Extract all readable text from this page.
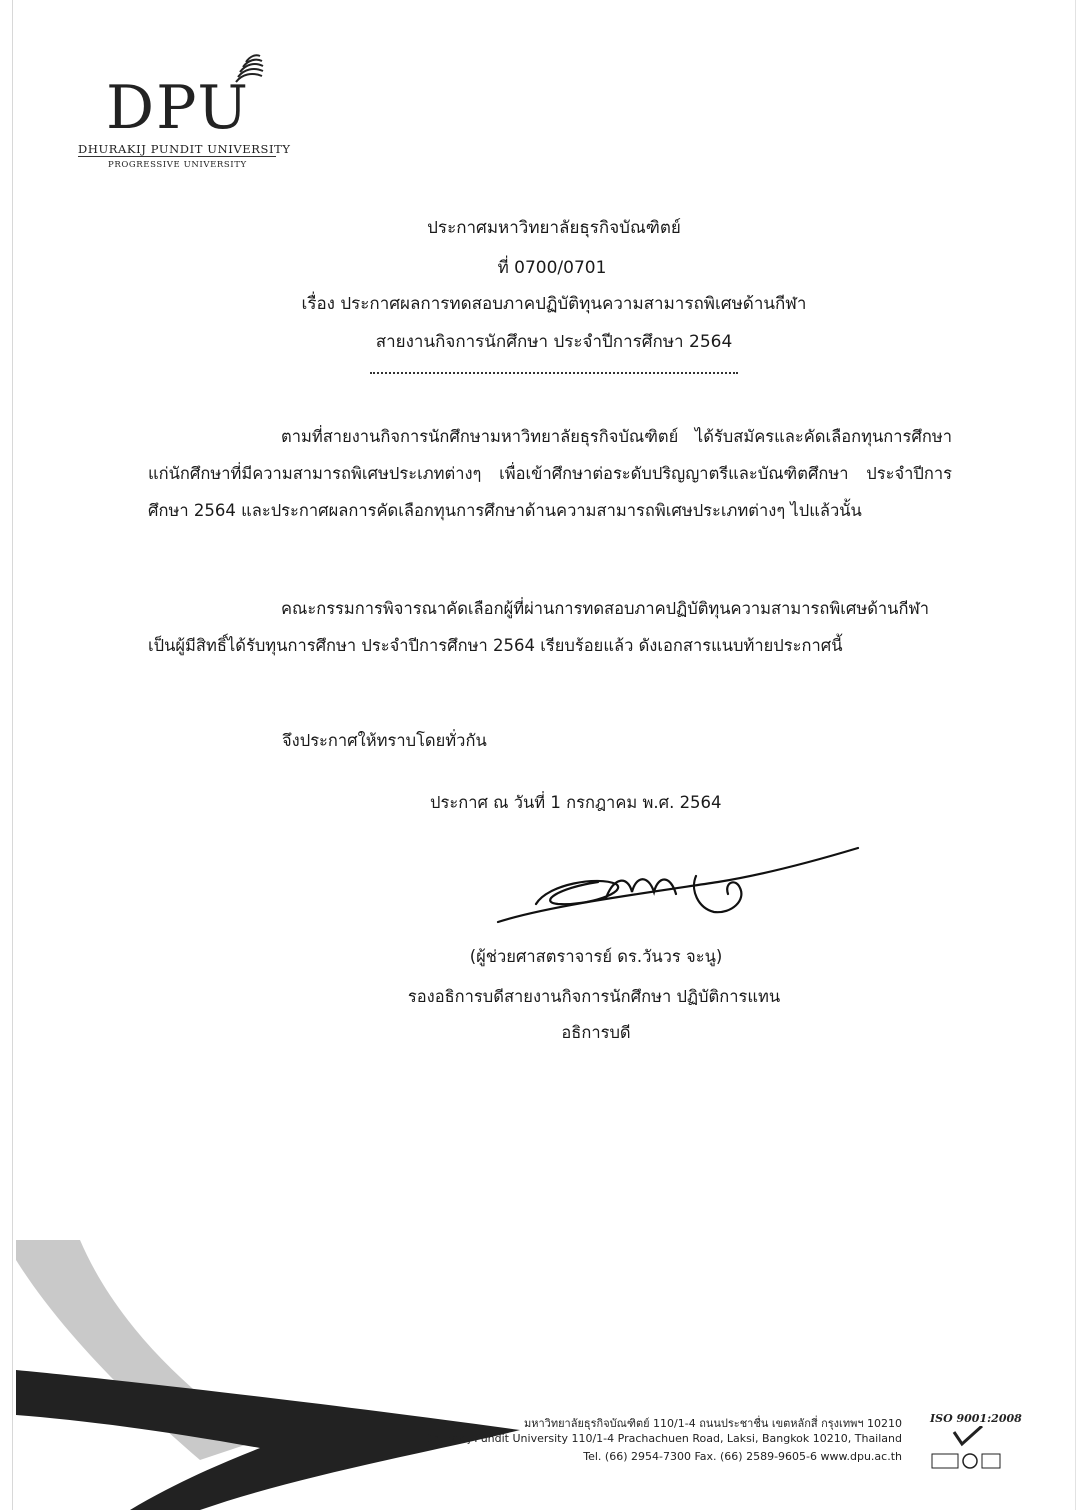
DPU
DHURAKIJ PUNDIT UNIVERSITY
PROGRESSIVE UNIVERSITY
ประกาศมหาวิทยาลัยธุรกิจบัณฑิตย์
ที่ 0700/0701
เรื่อง ประกาศผลการทดสอบภาคปฏิบัติทุนความสามารถพิเศษด้านกีฬา
สายงานกิจการนักศึกษา ประจำปีการศึกษา 2564
ตามที่สายงานกิจการนักศึกษามหาวิทยาลัยธุรกิจบัณฑิตย์ ได้รับสมัครและคัดเลือกทุนการศึกษาแก่นักศึกษาที่มีความสามารถพิเศษประเภทต่างๆ เพื่อเข้าศึกษาต่อระดับปริญญาตรีและบัณฑิตศึกษา ประจำปีการศึกษา 2564 และประกาศผลการคัดเลือกทุนการศึกษาด้านความสามารถพิเศษประเภทต่างๆ ไปแล้วนั้น
คณะกรรมการพิจารณาคัดเลือกผู้ที่ผ่านการทดสอบภาคปฏิบัติทุนความสามารถพิเศษด้านกีฬาเป็นผู้มีสิทธิ์ได้รับทุนการศึกษา ประจำปีการศึกษา 2564 เรียบร้อยแล้ว ดังเอกสารแนบท้ายประกาศนี้
จึงประกาศให้ทราบโดยทั่วกัน
ประกาศ ณ วันที่ 1 กรกฎาคม พ.ศ. 2564
(ผู้ช่วยศาสตราจารย์ ดร.วันวร จะนู)
รองอธิการบดีสายงานกิจการนักศึกษา ปฏิบัติการแทน
อธิการบดี
มหาวิทยาลัยธุรกิจบัณฑิตย์ 110/1-4 ถนนประชาชื่น เขตหลักสี่ กรุงเทพฯ 10210
Dhurakij Pundit University 110/1-4 Prachachuen Road, Laksi, Bangkok 10210, Thailand
Tel. (66) 2954-7300 Fax. (66) 2589-9605-6 www.dpu.ac.th
ISO 9001:2008
